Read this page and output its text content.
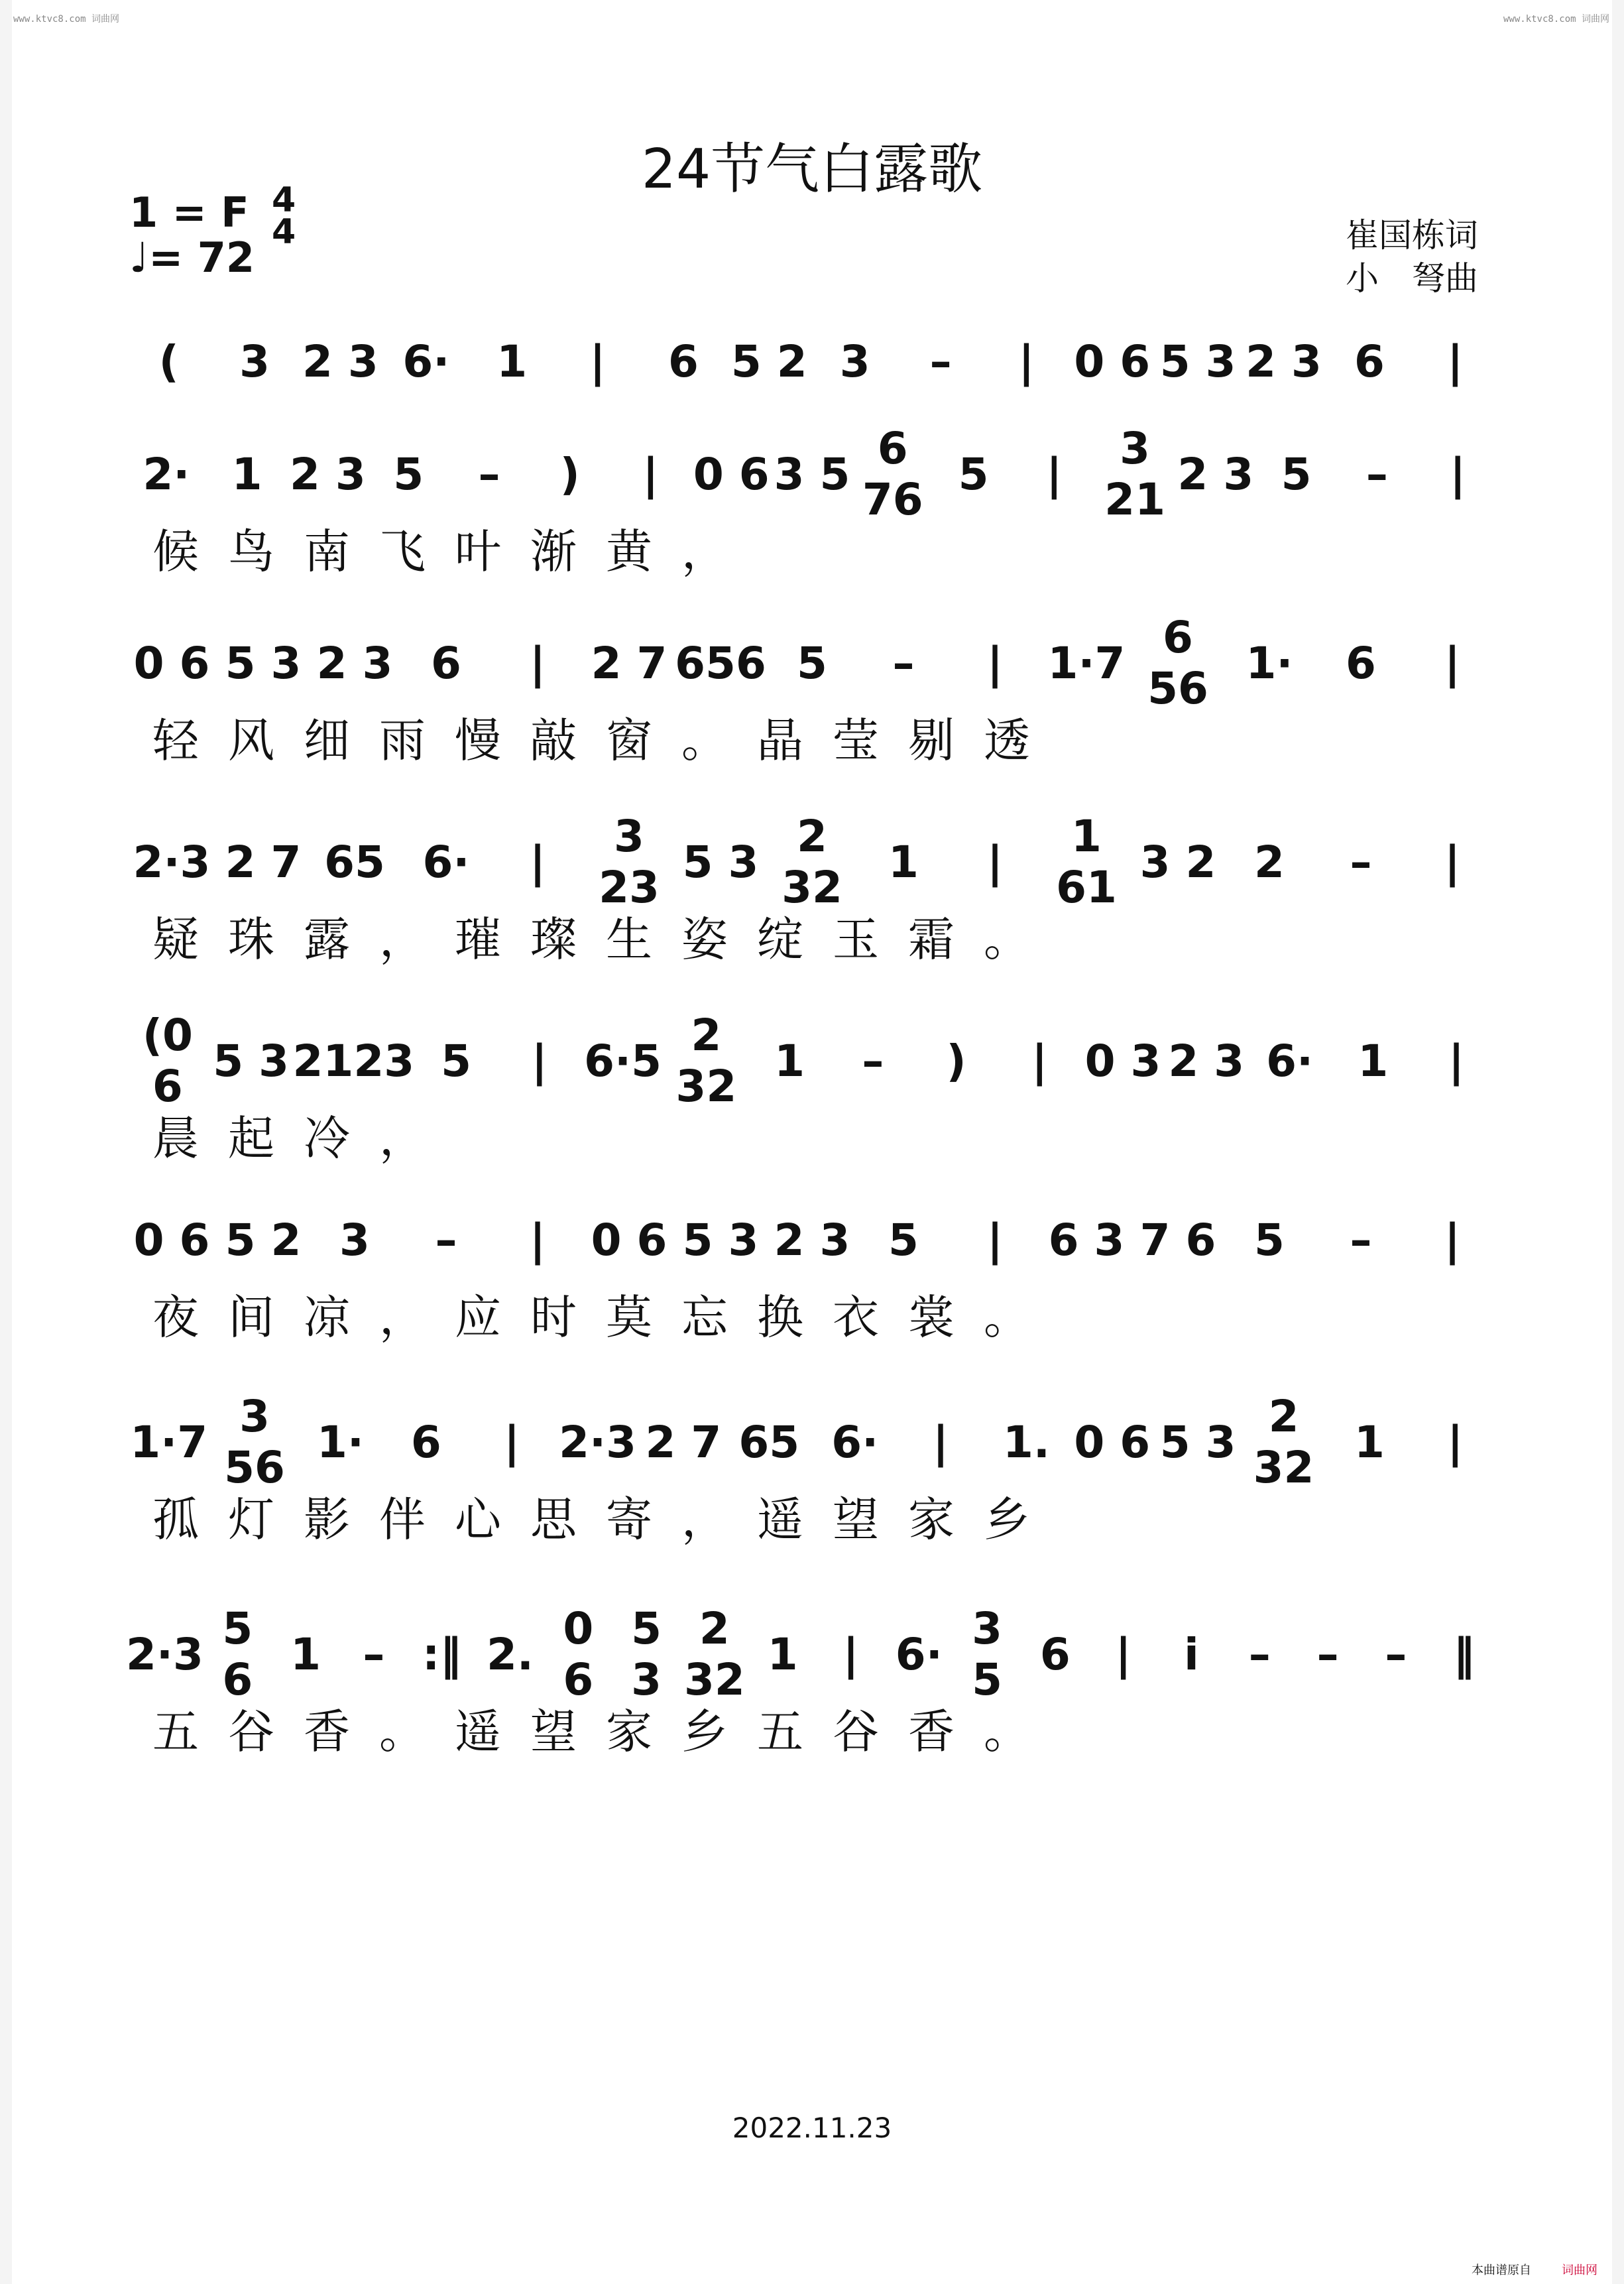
www.ktvc8.com 词曲网	www.ktvc8.com 词曲网
24节气白露歌
1 = F
♩= 72
4
4	崔国栋词
小　弩曲
(	3 2 3 6·	1	|	6 5 2 3	–	| 0 6 5 3 2 3 6	|
2· 1 2 3 5	–	)	| 0 6 3 5 6 76 5	|	3 21 2 3 5	–	|
候鸟南飞叶渐黄，
0 6 5 3 2 3 6	|	2 7 656 5	–	|	1·7 6 56 1·	6	|
轻风细雨慢敲窗。晶莹剔透
2·3 2 7 65 6·	|	3 23 5 3 2 32	1	|	1 61 3 2 2	–	|
疑珠露，璀璨生姿绽玉霜。
(0 6 5 3 2123 5	| 6·5 2 32 1	–	)	| 0 3 2 3 6·	1	|
晨起冷，
0 6 5 2 3	–	|	0 6 5 3 2 3 5	|	6 3 7 6 5	–	|
夜间凉，应时莫忘换衣裳。
1·7 3 56 1·	6	| 2·3 2 7 65 6·	|	1. 0 6 5 3 2 32 1	|
孤灯影伴心思寄，遥望家乡
2·3 5 6 1 – :‖ 2. 0 6
5 3
2 32 1	| 6· 3 5 6	|	i	–	–	–	‖
五谷香。遥望家乡五谷香。
2022.11.23
本曲谱原自	词曲网
